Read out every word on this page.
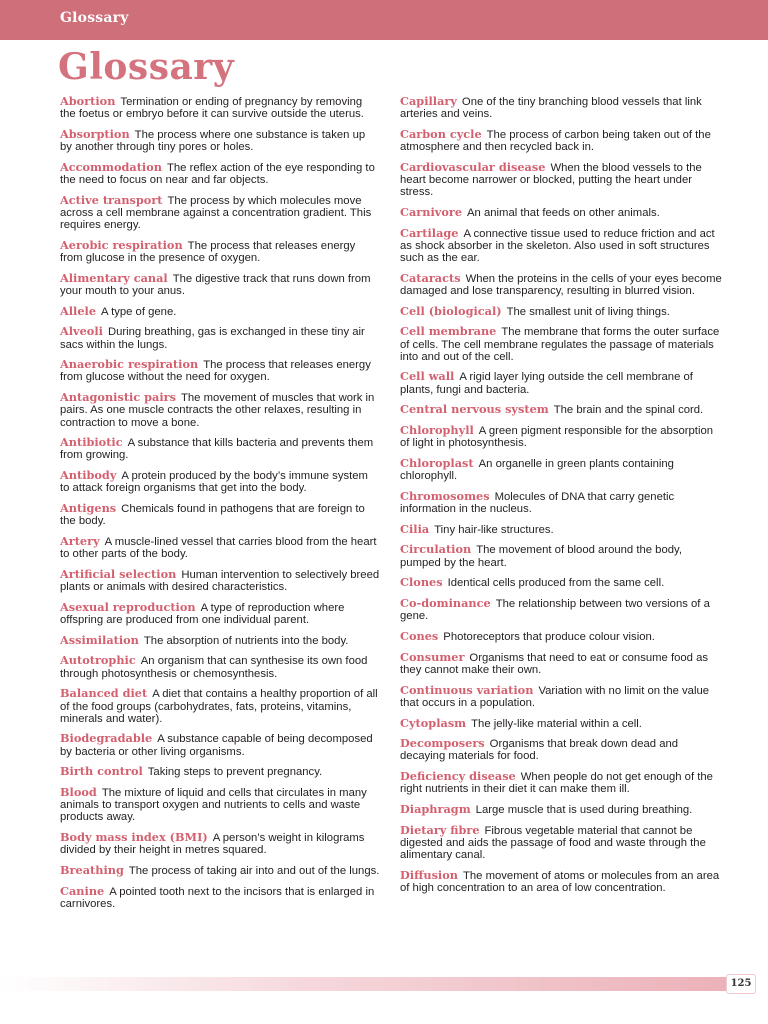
Glossary
Glossary

Abortion Termination or ending of pregnancy by removing the foetus or embryo before it can survive outside the uterus.

Absorption The process where one substance is taken up by another through tiny pores or holes.

Accommodation The reflex action of the eye responding to the need to focus on near and far objects.

Active transport The process by which molecules move across a cell membrane against a concentration gradient. This requires energy.

Aerobic respiration The process that releases energy from glucose in the presence of oxygen.

Alimentary canal The digestive track that runs down from your mouth to your anus.

Allele A type of gene.

Alveoli During breathing, gas is exchanged in these tiny air sacs within the lungs.

Anaerobic respiration The process that releases energy from glucose without the need for oxygen.

Antagonistic pairs The movement of muscles that work in pairs. As one muscle contracts the other relaxes, resulting in contraction to move a bone.

Antibiotic A substance that kills bacteria and prevents them from growing.

Antibody A protein produced by the body’s immune system to attack foreign organisms that get into the body.

Antigens Chemicals found in pathogens that are foreign to the body.

Artery A muscle-lined vessel that carries blood from the heart to other parts of the body.

Artificial selection Human intervention to selectively breed plants or animals with desired characteristics.

Asexual reproduction A type of reproduction where offspring are produced from one individual parent.

Assimilation The absorption of nutrients into the body.

Autotrophic An organism that can synthesise its own food through photosynthesis or chemosynthesis.

Balanced diet A diet that contains a healthy proportion of all of the food groups (carbohydrates, fats, proteins, vitamins, minerals and water).

Biodegradable A substance capable of being decomposed by bacteria or other living organisms.

Birth control Taking steps to prevent pregnancy.

Blood The mixture of liquid and cells that circulates in many animals to transport oxygen and nutrients to cells and waste products away.

Body mass index (BMI) A person’s weight in kilograms divided by their height in metres squared.

Breathing The process of taking air into and out of the lungs.

Canine A pointed tooth next to the incisors that is enlarged in carnivores.

Capillary One of the tiny branching blood vessels that link arteries and veins.

Carbon cycle The process of carbon being taken out of the atmosphere and then recycled back in.

Cardiovascular disease When the blood vessels to the heart become narrower or blocked, putting the heart under stress.

Carnivore An animal that feeds on other animals.

Cartilage A connective tissue used to reduce friction and act as shock absorber in the skeleton. Also used in soft structures such as the ear.

Cataracts When the proteins in the cells of your eyes become damaged and lose transparency, resulting in blurred vision.

Cell (biological) The smallest unit of living things.

Cell membrane The membrane that forms the outer surface of cells. The cell membrane regulates the passage of materials into and out of the cell.

Cell wall A rigid layer lying outside the cell membrane of plants, fungi and bacteria.

Central nervous system The brain and the spinal cord.

Chlorophyll A green pigment responsible for the absorption of light in photosynthesis.

Chloroplast An organelle in green plants containing chlorophyll.

Chromosomes Molecules of DNA that carry genetic information in the nucleus.

Cilia Tiny hair-like structures.

Circulation The movement of blood around the body, pumped by the heart.

Clones Identical cells produced from the same cell.

Co-dominance The relationship between two versions of a gene.

Cones Photoreceptors that produce colour vision.

Consumer Organisms that need to eat or consume food as they cannot make their own.

Continuous variation Variation with no limit on the value that occurs in a population.

Cytoplasm The jelly-like material within a cell.

Decomposers Organisms that break down dead and decaying materials for food.

Deficiency disease When people do not get enough of the right nutrients in their diet it can make them ill.

Diaphragm Large muscle that is used during breathing.

Dietary fibre Fibrous vegetable material that cannot be digested and aids the passage of food and waste through the alimentary canal.

Diffusion The movement of atoms or molecules from an area of high concentration to an area of low concentration.

125
